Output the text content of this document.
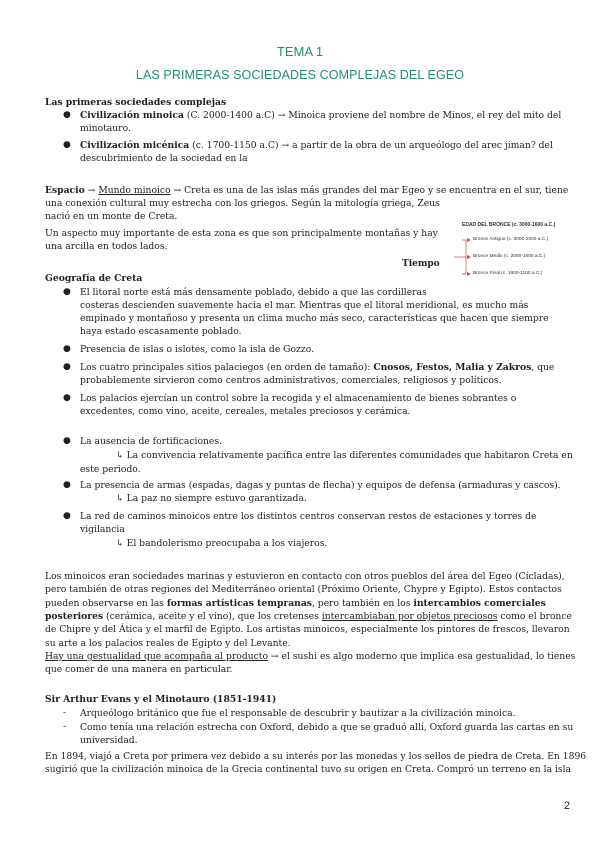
TEMA 1
LAS PRIMERAS SOCIEDADES COMPLEJAS DEL EGEO
Las primeras sociedades complejas
● Civilización minoica (C. 2000-1400 a.C) → Minoica proviene del nombre de Minos, el rey del mito del
minotauro.
● Civilización micénica (c. 1700-1150 a.C) → a partir de la obra de un arqueólogo del arec jiman? del
descubrimiento de la sociedad en la
Espacio → Mundo minoico → Creta es una de las islas más grandes del mar Egeo y se encuentra en el sur, tiene
una conexión cultural muy estrecha con los griegos. Según la mitología griega, Zeus
nació en un monte de Creta.
Un aspecto muy importante de esta zona es que son principalmente montañas y hay
una arcilla en todos lados.
EDAD DEL BRONCE (c. 3000-1600 a.C.)
Bronce Antiguo (c. 3000-2000 a.C.)
Bronce Medio (c. 2000-1600 a.C.)
Bronce Final (c. 1600-1100 a.C.)
Tiempo
Geografía de Creta
● El litoral norte está más densamente poblado, debido a que las cordilleras
costeras descienden suavemente hacia el mar. Mientras que el litoral meridional, es mucho más
empinado y montañoso y presenta un clima mucho más seco, características que hacen que siempre
haya estado escasamente poblado.
● Presencia de islas o islotes, como la isla de Gozzo.
● Los cuatro principales sitios palaciegos (en orden de tamaño): Cnosos, Festos, Malia y Zakros, que
probablemente sirvieron como centros administrativos, comerciales, religiosos y políticos.
● Los palacios ejercían un control sobre la recogida y el almacenamiento de bienes sobrantes o
excedentes, como vino, aceite, cereales, metales preciosos y cerámica.
● La ausencia de fortificaciones.
↳ La convivencia relativamente pacífica entre las diferentes comunidades que habitaron Creta en
este periodo.
● La presencia de armas (espadas, dagas y puntas de flecha) y equipos de defensa (armaduras y cascos).
↳ La paz no siempre estuvo garantizada.
● La red de caminos minoicos entre los distintos centros conservan restos de estaciones y torres de
vigilancia
↳ El bandolerismo preocupaba a los viajeros.
Los minoicos eran sociedades marinas y estuvieron en contacto con otros pueblos del área del Egeo (Cícladas),
pero también de otras regiones del Mediterráneo oriental (Próximo Oriente, Chypre y Egipto). Estos contactos
pueden observarse en las formas artísticas tempranas, pero también en los intercambios comerciales
posteriores (cerámica, aceite y el vino), que los cretenses intercambiaban por objetos preciosos como el bronce
de Chipre y del Ática y el marfil de Egipto. Los artistas minoicos, especialmente los pintores de frescos, llevaron
su arte a los palacios reales de Egipto y del Levante.
Hay una gestualidad que acompaña al producto → el sushi es algo moderno que implica esa gestualidad, lo tienes
que comer de una manera en particular.
Sir Arthur Evans y el Minotauro (1851-1941)
- Arqueólogo británico que fue el responsable de descubrir y bautizar a la civilización minoica.
- Como tenía una relación estrecha con Oxford, debido a que se graduó allí, Oxford guarda las cartas en su
universidad.
En 1894, viajó a Creta por primera vez debido a su interés por las monedas y los sellos de piedra de Creta. En 1896
sugirió que la civilización minoica de la Grecia continental tuvo su origen en Creta. Compró un terreno en la isla
2
